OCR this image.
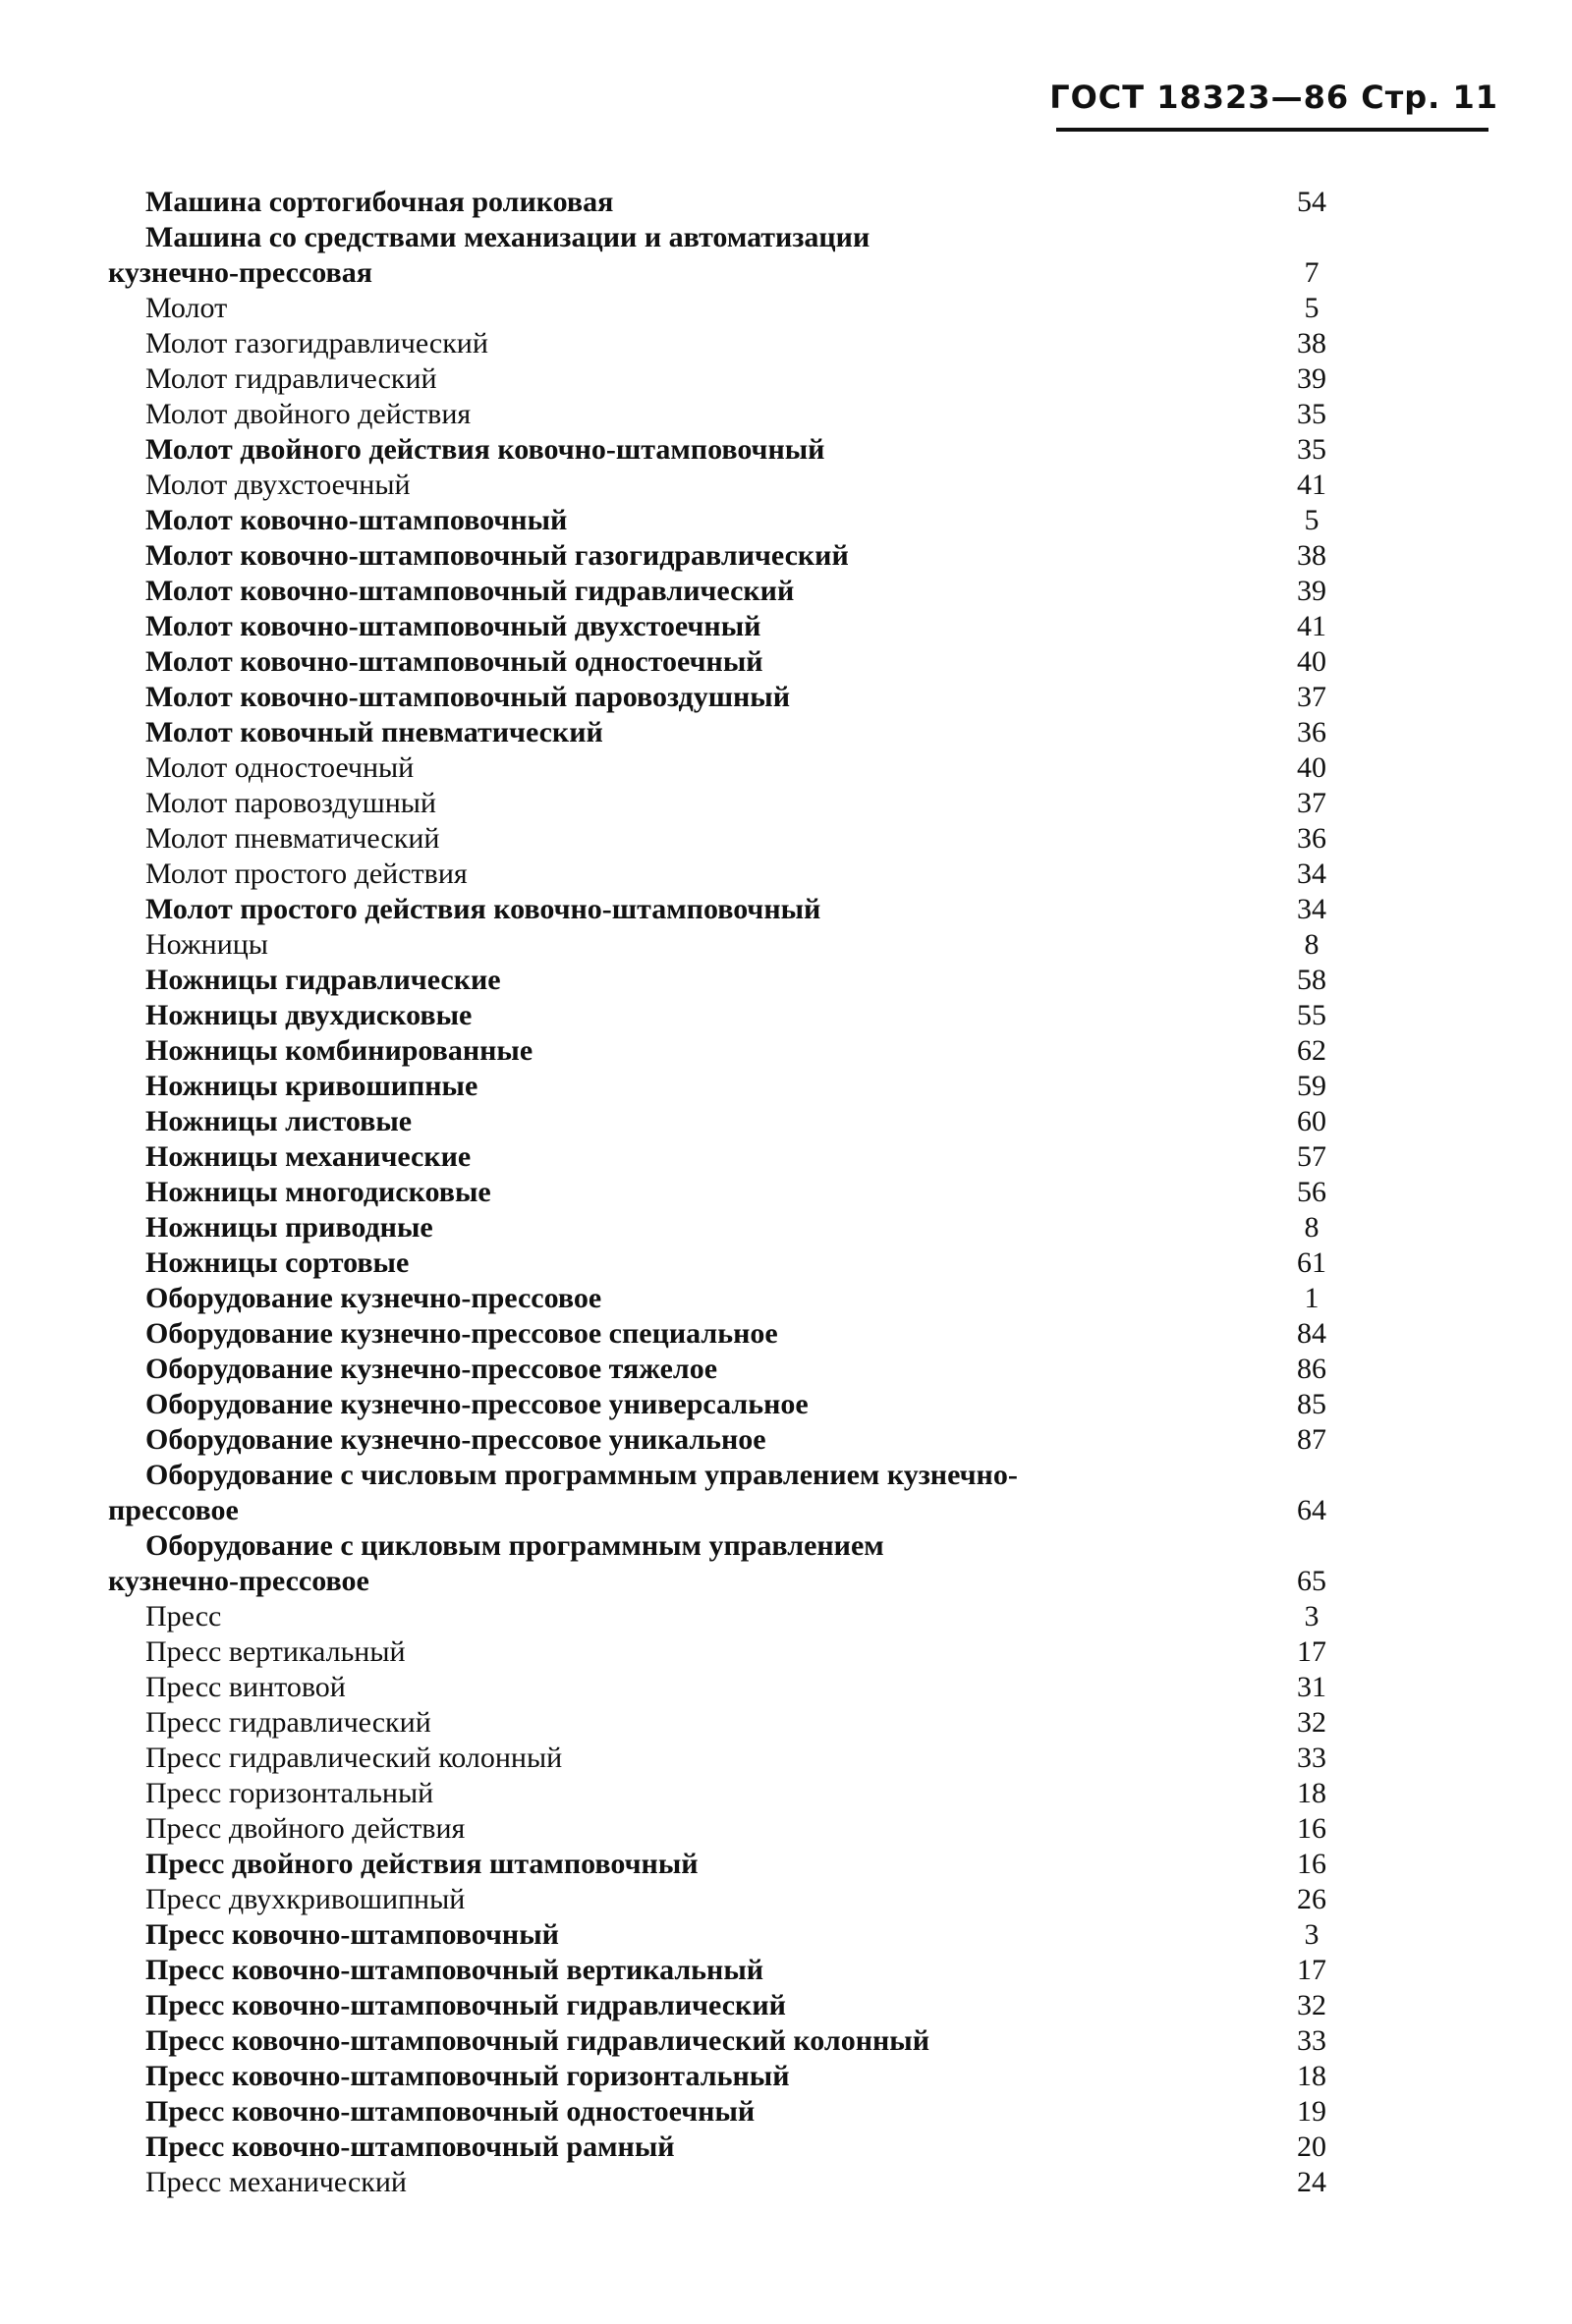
ГОСТ 18323—86 Стр. 11
Машина сортогибочная роликовая	54
Машина со средствами механизации и автоматизации
кузнечно-прессовая	7
Молот	5
Молот газогидравлический	38
Молот гидравлический	39
Молот двойного действия	35
Молот двойного действия ковочно-штамповочный	35
Молот двухстоечный	41
Молот ковочно-штамповочный	5
Молот ковочно-штамповочный газогидравлический	38
Молот ковочно-штамповочный гидравлический	39
Молот ковочно-штамповочный двухстоечный	41
Молот ковочно-штамповочный одностоечный	40
Молот ковочно-штамповочный паровоздушный	37
Молот ковочный пневматический	36
Молот одностоечный	40
Молот паровоздушный	37
Молот пневматический	36
Молот простого действия	34
Молот простого действия ковочно-штамповочный	34
Ножницы	8
Ножницы гидравлические	58
Ножницы двухдисковые	55
Ножницы комбинированные	62
Ножницы кривошипные	59
Ножницы листовые	60
Ножницы механические	57
Ножницы многодисковые	56
Ножницы приводные	8
Ножницы сортовые	61
Оборудование кузнечно-прессовое	1
Оборудование кузнечно-прессовое специальное	84
Оборудование кузнечно-прессовое тяжелое	86
Оборудование кузнечно-прессовое универсальное	85
Оборудование кузнечно-прессовое уникальное	87
Оборудование с числовым программным управлением кузнечно-
прессовое	64
Оборудование с цикловым программным управлением
кузнечно-прессовое	65
Пресс	3
Пресс вертикальный	17
Пресс винтовой	31
Пресс гидравлический	32
Пресс гидравлический колонный	33
Пресс горизонтальный	18
Пресс двойного действия	16
Пресс двойного действия штамповочный	16
Пресс двухкривошипный	26
Пресс ковочно-штамповочный	3
Пресс ковочно-штамповочный вертикальный	17
Пресс ковочно-штамповочный гидравлический	32
Пресс ковочно-штамповочный гидравлический колонный	33
Пресс ковочно-штамповочный горизонтальный	18
Пресс ковочно-штамповочный одностоечный	19
Пресс ковочно-штамповочный рамный	20
Пресс механический	24
